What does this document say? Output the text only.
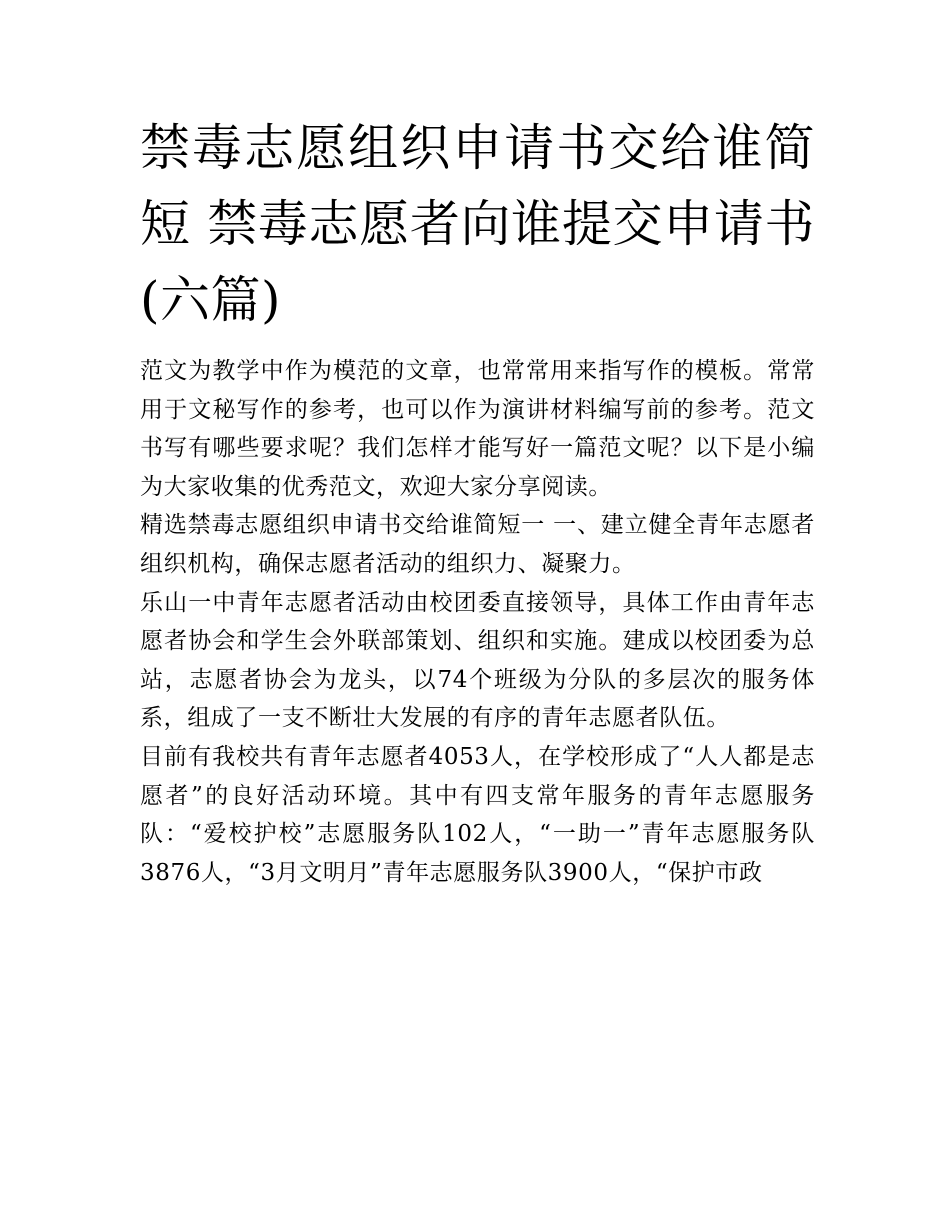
禁毒志愿组织申请书交给谁简短 禁毒志愿者向谁提交申请书(六篇)

范文为教学中作为模范的文章，也常常用来指写作的模板。常常用于文秘写作的参考，也可以作为演讲材料编写前的参考。范文书写有哪些要求呢？我们怎样才能写好一篇范文呢？以下是小编为大家收集的优秀范文，欢迎大家分享阅读。

精选禁毒志愿组织申请书交给谁简短一 一、建立健全青年志愿者组织机构，确保志愿者活动的组织力、凝聚力。

乐山一中青年志愿者活动由校团委直接领导，具体工作由青年志愿者协会和学生会外联部策划、组织和实施。建成以校团委为总站，志愿者协会为龙头，以74个班级为分队的多层次的服务体系，组成了一支不断壮大发展的有序的青年志愿者队伍。

目前有我校共有青年志愿者4053人，在学校形成了“人人都是志愿者”的良好活动环境。其中有四支常年服务的青年志愿服务队：“爱校护校”志愿服务队102人，“一助一”青年志愿服务队3876人，“3月文明月”青年志愿服务队3900人，“保护市政
